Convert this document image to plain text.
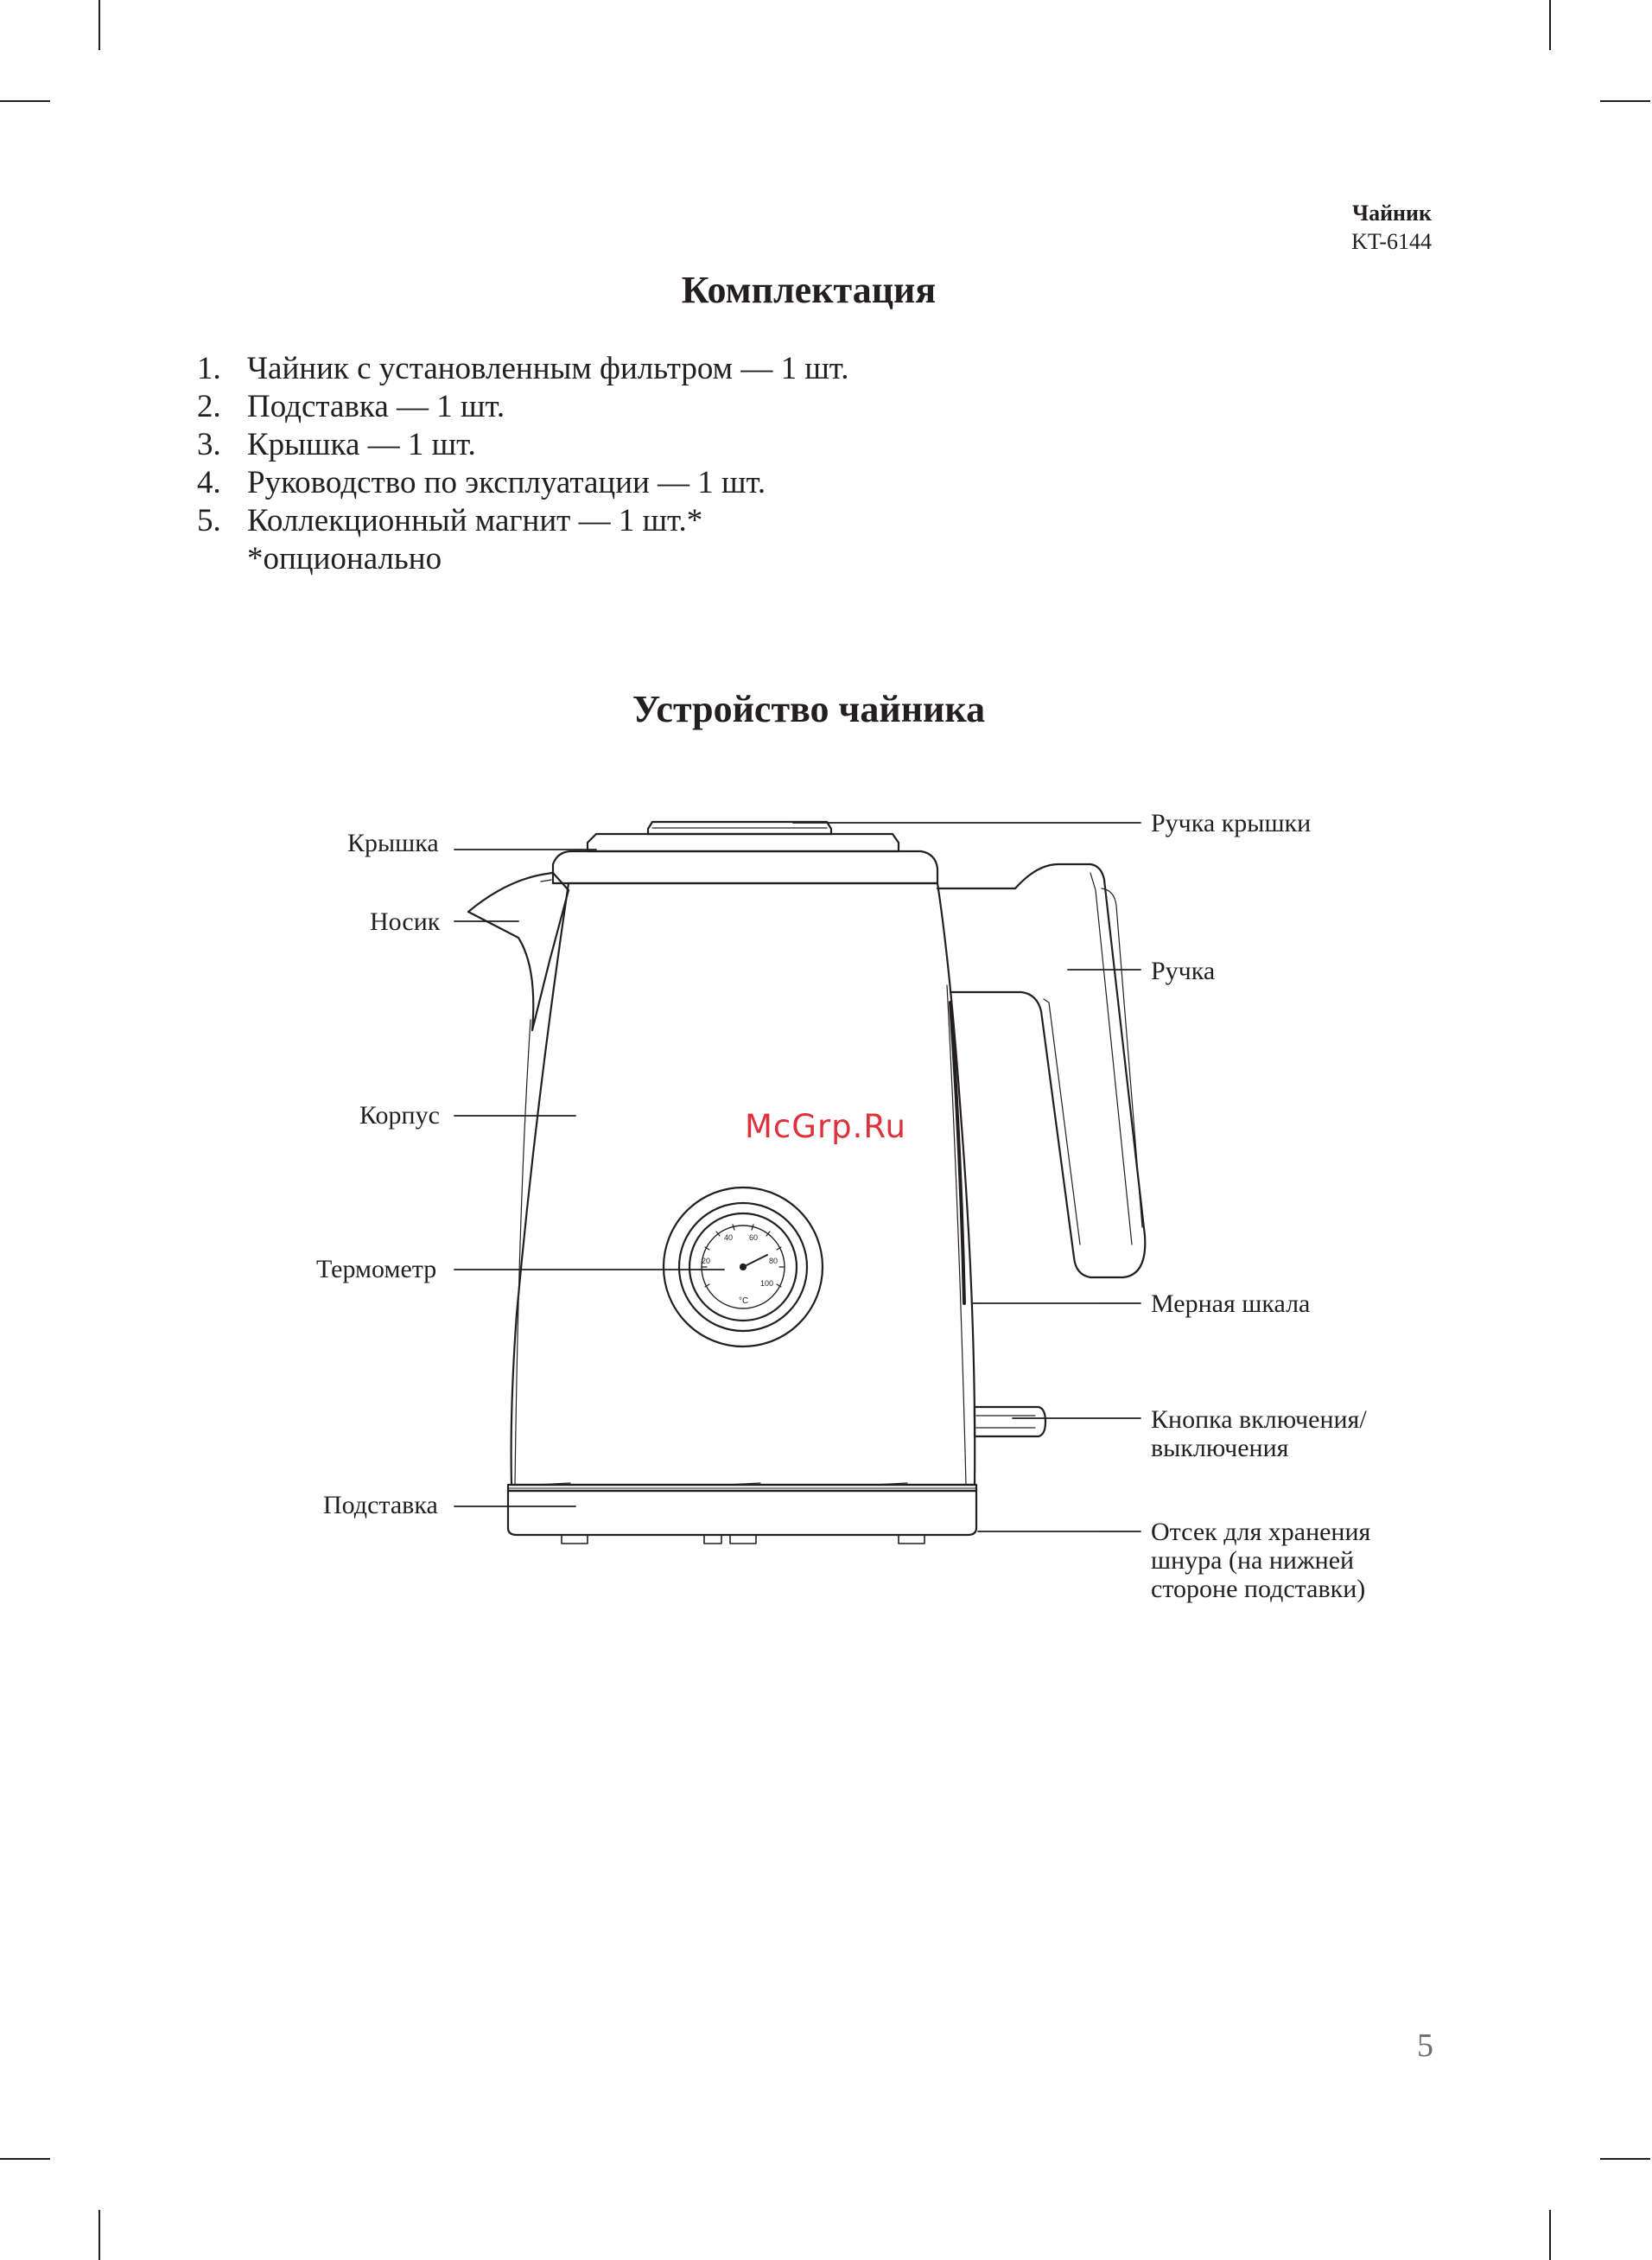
Чайник
KT-6144
Комплектация
1. Чайник с установленным фильтром — 1 шт.
2. Подставка — 1 шт.
3. Крышка — 1 шт.
4. Руководство по эксплуатации — 1 шт.
5. Коллекционный магнит — 1 шт.*
*опционально
Устройство чайника
20
40 60
80
100
°C
Крышка
Носик
Корпус
Термометр
Подставка
Ручка крышки
Ручка
Мерная шкала
Кнопка включения/
выключения
Отсек для хранения
шнура (на нижней
стороне подставки)
McGrp.Ru
5
